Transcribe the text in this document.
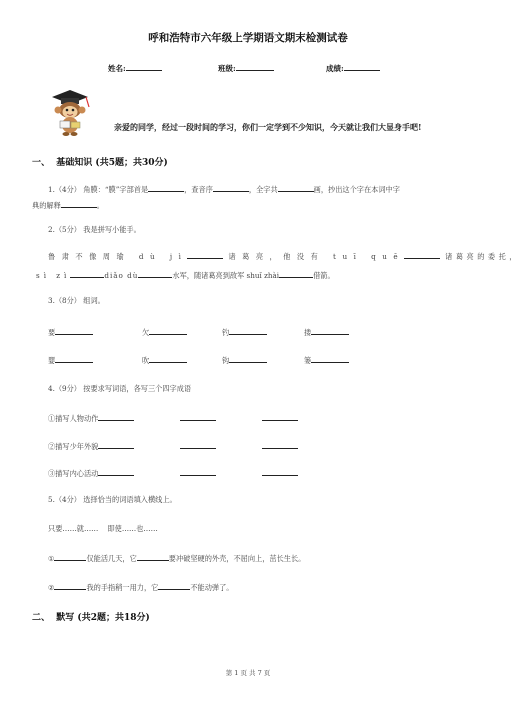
呼和浩特市六年级上学期语文期末检测试卷
姓名:	班级:	成绩:
亲爱的同学，经过一段时间的学习，你们一定学到不少知识，今天就让我们大显身手吧!
一、 基础知识 (共5题；共30分)
1.（4分） 角膜：“膜”字部首是	，查音序	，全字共	画，抄出这个字在本词中字
典的解释	。
2.（5分） 我是拼写小能手。
鲁肃不像周瑜 dù jì	诸葛亮，他没有 tuī quē	诸葛亮的委托，
sì zì	diǎo dù	水军，随诸葛亮到敌军 shuǐ zhài	借箭。
3.（8分） 组词。
要	欠	钓	搂
婴	吹	钩	篓
4.（9分） 按要求写词语，各写三个四字成语
①描写人物动作
②描写少年外貌
③描写内心活动
5.（4分） 选择恰当的词语填入横线上。
只要……就……    即使……也……
①	仅能活几天，它	要冲破坚硬的外壳，不屈向上，茁长生长。
②	我的手指稍一用力，它	不能动弹了。
二、 默写 (共2题；共18分)
第 1 页 共 7 页
